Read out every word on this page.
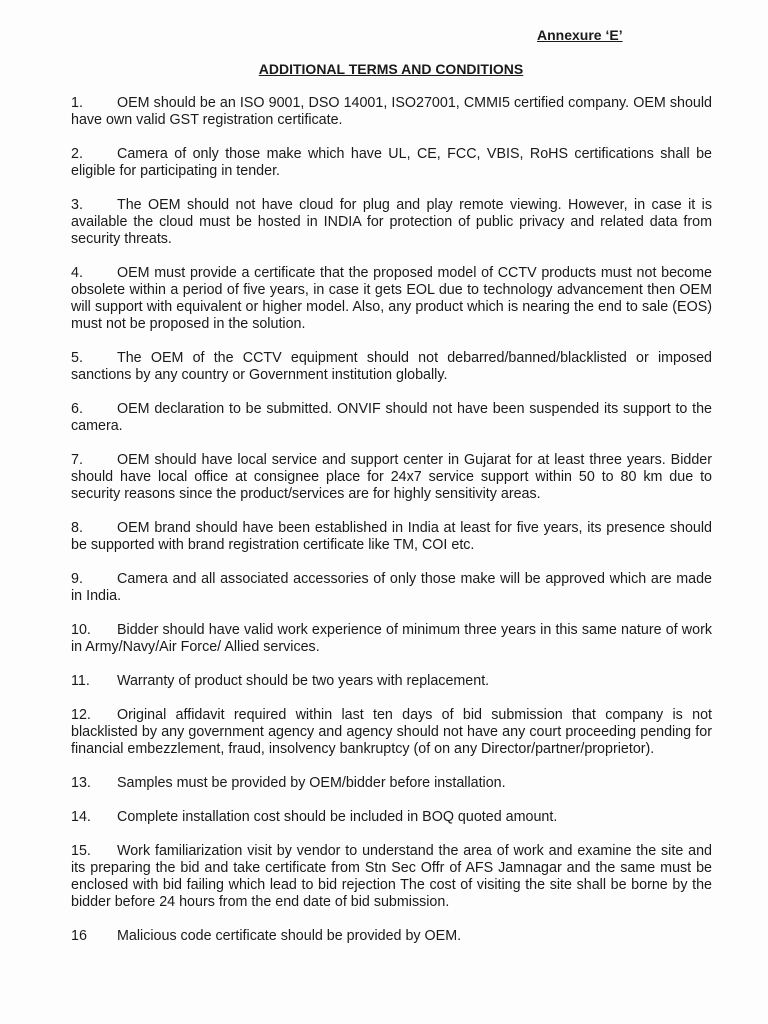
Annexure ‘E’
ADDITIONAL TERMS AND CONDITIONS

1. OEM should be an ISO 9001, DSO 14001, ISO27001, CMMI5 certified company. OEM should have own valid GST registration certificate.

2. Camera of only those make which have UL, CE, FCC, VBIS, RoHS certifications shall be eligible for participating in tender.

3. The OEM should not have cloud for plug and play remote viewing. However, in case it is available the cloud must be hosted in INDIA for protection of public privacy and related data from security threats.

4. OEM must provide a certificate that the proposed model of CCTV products must not become obsolete within a period of five years, in case it gets EOL due to technology advancement then OEM will support with equivalent or higher model. Also, any product which is nearing the end to sale (EOS) must not be proposed in the solution.

5. The OEM of the CCTV equipment should not debarred/banned/blacklisted or imposed sanctions by any country or Government institution globally.

6. OEM declaration to be submitted. ONVIF should not have been suspended its support to the camera.

7. OEM should have local service and support center in Gujarat for at least three years. Bidder should have local office at consignee place for 24x7 service support within 50 to 80 km due to security reasons since the product/services are for highly sensitivity areas.

8. OEM brand should have been established in India at least for five years, its presence should be supported with brand registration certificate like TM, COI etc.

9. Camera and all associated accessories of only those make will be approved which are made in India.

10. Bidder should have valid work experience of minimum three years in this same nature of work in Army/Navy/Air Force/ Allied services.

11. Warranty of product should be two years with replacement.

12. Original affidavit required within last ten days of bid submission that company is not blacklisted by any government agency and agency should not have any court proceeding pending for financial embezzlement, fraud, insolvency bankruptcy (of on any Director/partner/proprietor).

13. Samples must be provided by OEM/bidder before installation.

14. Complete installation cost should be included in BOQ quoted amount.

15. Work familiarization visit by vendor to understand the area of work and examine the site and its preparing the bid and take certificate from Stn Sec Offr of AFS Jamnagar and the same must be enclosed with bid failing which lead to bid rejection The cost of visiting the site shall be borne by the bidder before 24 hours from the end date of bid submission.

16 Malicious code certificate should be provided by OEM.
